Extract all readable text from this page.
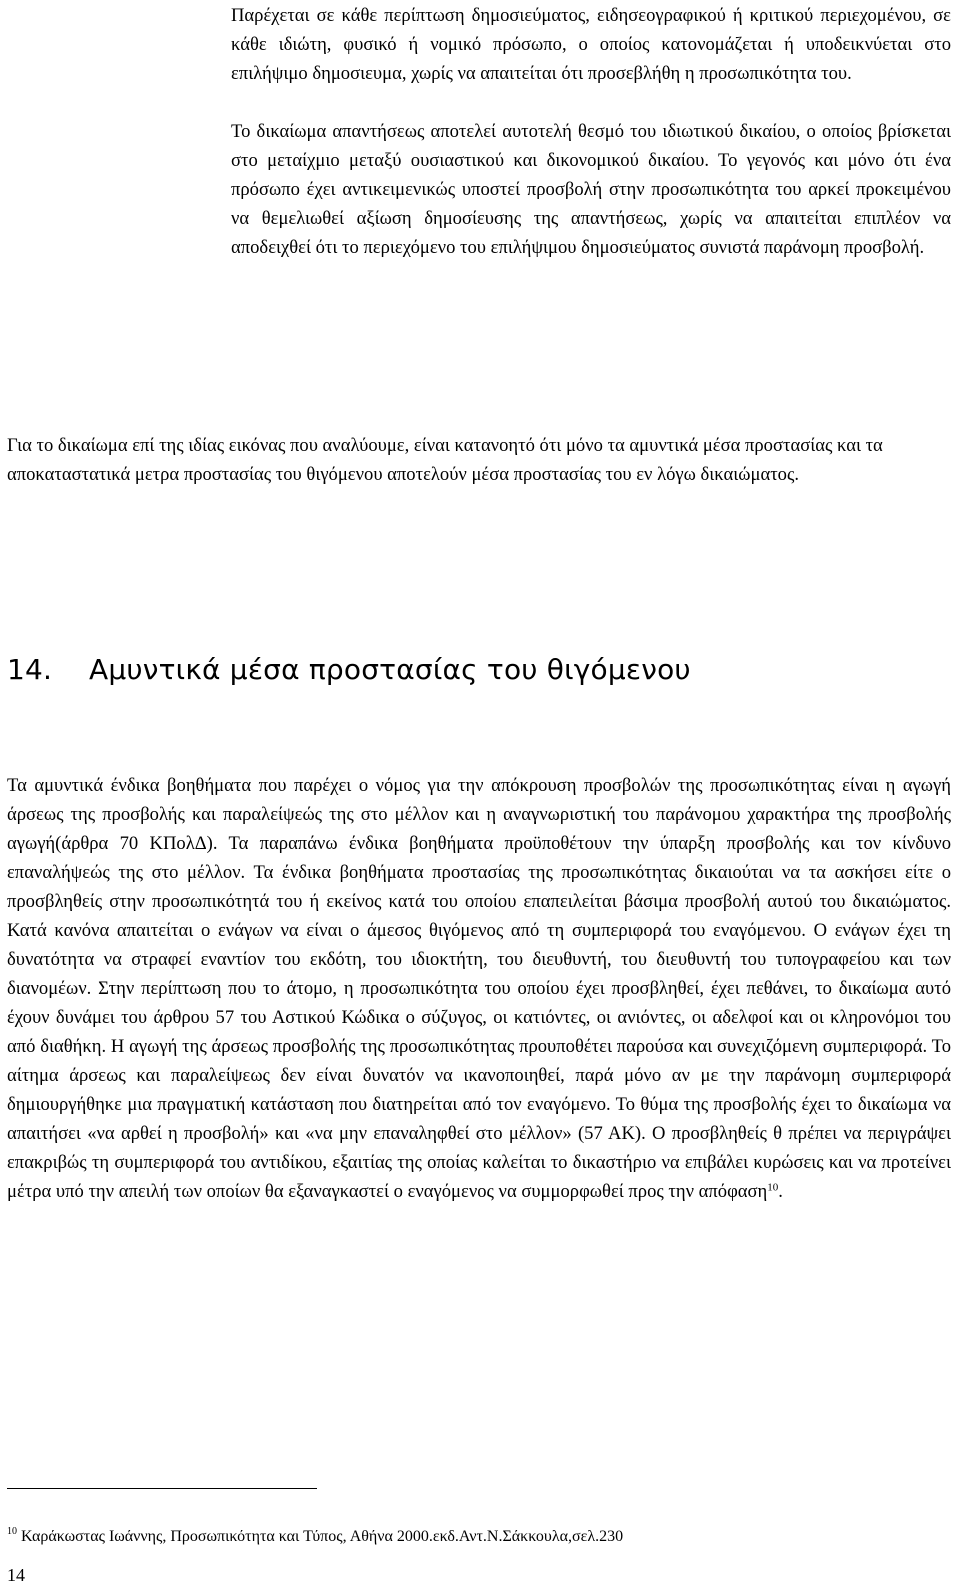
Παρέχεται σε κάθε περίπτωση δημοσιεύματος, ειδησεογραφικού ή κριτικού περιεχομένου, σε κάθε ιδιώτη, φυσικό ή νομικό πρόσωπο, ο οποίος κατονομάζεται ή υποδεικνύεται στο επιλήψιμο δημοσιευμα, χωρίς να απαιτείται ότι προσεβλήθη η προσωπικότητα του.

Το δικαίωμα απαντήσεως αποτελεί αυτοτελή θεσμό του ιδιωτικού δικαίου, ο οποίος βρίσκεται στο μεταίχμιο μεταξύ ουσιαστικού και δικονομικού δικαίου. Το γεγονός και μόνο ότι ένα πρόσωπο έχει αντικειμενικώς υποστεί προσβολή στην προσωπικότητα του αρκεί προκειμένου να θεμελιωθεί αξίωση δημοσίευσης της απαντήσεως, χωρίς να απαιτείται επιπλέον να αποδειχθεί ότι το περιεχόμενο του επιλήψιμου δημοσιεύματος συνιστά παράνομη προσβολή.

Για το δικαίωμα επί της ιδίας εικόνας που αναλύουμε, είναι κατανοητό ότι μόνο τα αμυντικά μέσα προστασίας και τα αποκαταστατικά μετρα προστασίας του θιγόμενου αποτελούν μέσα προστασίας του εν λόγω δικαιώματος.

14. Αμυντικά μέσα προστασίας του θιγόμενου

Τα αμυντικά ένδικα βοηθήματα που παρέχει ο νόμος για την απόκρουση προσβολών της προσωπικότητας είναι η αγωγή άρσεως της προσβολής και παραλείψεώς της στο μέλλον και η αναγνωριστική του παράνομου χαρακτήρα της προσβολής αγωγή(άρθρα 70 ΚΠολΔ). Τα παραπάνω ένδικα βοηθήματα προϋποθέτουν την ύπαρξη προσβολής και τον κίνδυνο επαναλήψεώς της στο μέλλον. Τα ένδικα βοηθήματα προστασίας της προσωπικότητας δικαιούται να τα ασκήσει είτε ο προσβληθείς στην προσωπικότητά του ή εκείνος κατά του οποίου επαπειλείται βάσιμα προσβολή αυτού του δικαιώματος. Κατά κανόνα απαιτείται ο ενάγων να είναι ο άμεσος θιγόμενος από τη συμπεριφορά του εναγόμενου. Ο ενάγων έχει τη δυνατότητα να στραφεί εναντίον του εκδότη, του ιδιοκτήτη, του διευθυντή, του διευθυντή του τυπογραφείου και των διανομέων. Στην περίπτωση που το άτομο, η προσωπικότητα του οποίου έχει προσβληθεί, έχει πεθάνει, το δικαίωμα αυτό έχουν δυνάμει του άρθρου 57 του Αστικού Κώδικα ο σύζυγος, οι κατιόντες, οι ανιόντες, οι αδελφοί και οι κληρονόμοι του από διαθήκη. Η αγωγή της άρσεως προσβολής της προσωπικότητας προυποθέτει παρούσα και συνεχιζόμενη συμπεριφορά. Το αίτημα άρσεως και παραλείψεως δεν είναι δυνατόν να ικανοποιηθεί, παρά μόνο αν με την παράνομη συμπεριφορά δημιουργήθηκε μια πραγματική κατάσταση που διατηρείται από τον εναγόμενο. Το θύμα της προσβολής έχει το δικαίωμα να απαιτήσει «να αρθεί η προσβολή» και «να μην επαναληφθεί στο μέλλον» (57 ΑΚ). Ο προσβληθείς θ πρέπει να περιγράψει επακριβώς τη συμπεριφορά του αντιδίκου, εξαιτίας της οποίας καλείται το δικαστήριο να επιβάλει κυρώσεις και να προτείνει μέτρα υπό την απειλή των οποίων θα εξαναγκαστεί ο εναγόμενος να συμμορφωθεί προς την απόφαση$^{10}$.

$^{10}$ Καράκωστας Ιωάννης, Προσωπικότητα και Τύπος, Αθήνα 2000.εκδ.Αντ.Ν.Σάκκουλα,σελ.230

14
